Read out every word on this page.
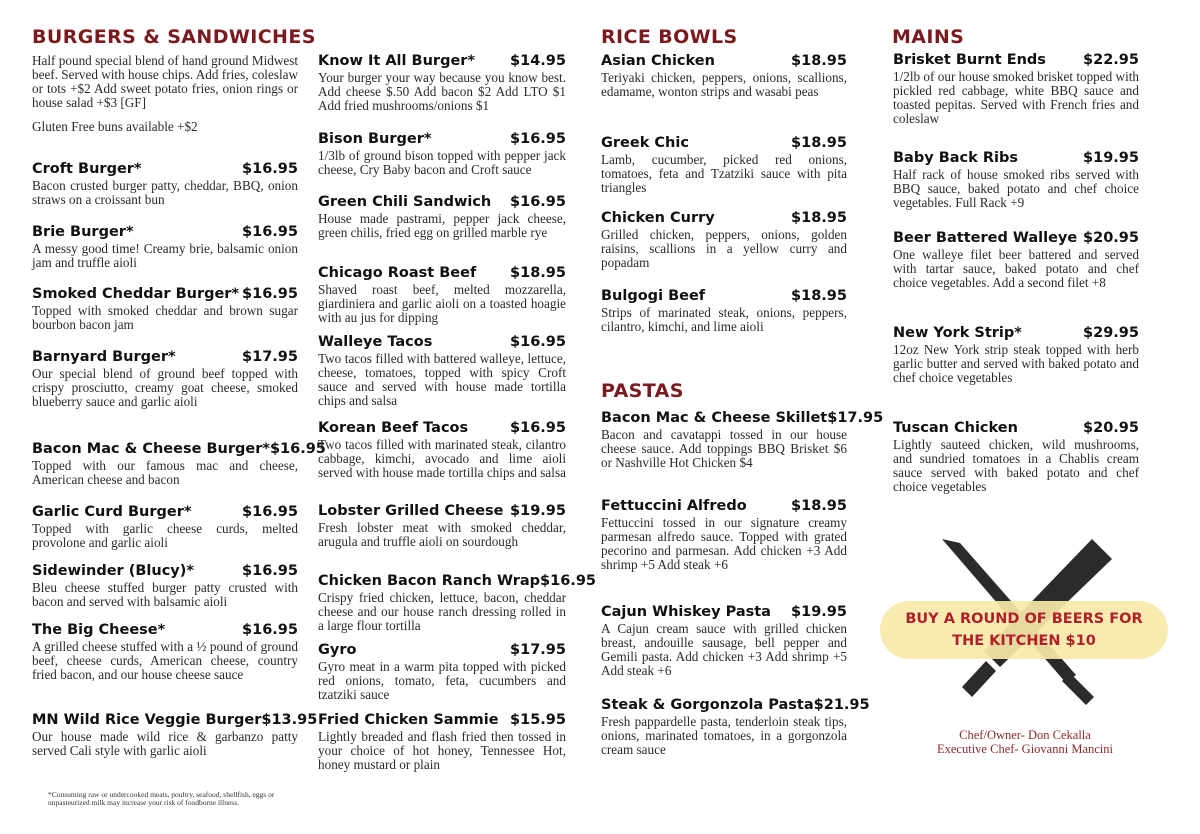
BURGERS & SANDWICHES
Half pound special blend of hand ground Midwest beef. Served with house chips. Add fries, coleslaw or tots +$2 Add sweet potato fries, onion rings or house salad +$3 [GF]
Gluten Free buns available +$2
Croft Burger*	$16.95
Bacon crusted burger patty, cheddar, BBQ, onion straws on a croissant bun
Brie Burger*	$16.95
A messy good time! Creamy brie, balsamic onion jam and truffle aioli
Smoked Cheddar Burger* $16.95
Topped with smoked cheddar and brown sugar bourbon bacon jam
Barnyard Burger*	$17.95
Our special blend of ground beef topped with crispy prosciutto, creamy goat cheese, smoked blueberry sauce and garlic aioli
Bacon Mac & Cheese Burger* $16.95
Topped with our famous mac and cheese, American cheese and bacon
Garlic Curd Burger*	$16.95
Topped with garlic cheese curds, melted provolone and garlic aioli
Sidewinder (Blucy)*	$16.95
Bleu cheese stuffed burger patty crusted with bacon and served with balsamic aioli
The Big Cheese*	$16.95
A grilled cheese stuffed with a ½ pound of ground beef, cheese curds, American cheese, country fried bacon, and our house cheese sauce
MN Wild Rice Veggie Burger $13.95
Our house made wild rice & garbanzo patty served Cali style with garlic aioli
*Consuming raw or undercooked meats, poultry, seafood, shellfish, eggs or unpasteurized milk may increase your risk of foodborne illness.
Know It All Burger* $14.95
Your burger your way because you know best. Add cheese $.50 Add bacon $2 Add LTO $1 Add fried mushrooms/onions $1
Bison Burger*	$16.95
1/3lb of ground bison topped with pepper jack cheese, Cry Baby bacon and Croft sauce
Green Chili Sandwich $16.95
House made pastrami, pepper jack cheese, green chilis, fried egg on grilled marble rye
Chicago Roast Beef $18.95
Shaved roast beef, melted mozzarella, giardiniera and garlic aioli on a toasted hoagie with au jus for dipping
Walleye Tacos	$16.95
Two tacos filled with battered walleye, lettuce, cheese, tomatoes, topped with spicy Croft sauce and served with house made tortilla chips and salsa
Korean Beef Tacos	$16.95
Two tacos filled with marinated steak, cilantro cabbage, kimchi, avocado and lime aioli served with house made tortilla chips and salsa
Lobster Grilled Cheese $19.95
Fresh lobster meat with smoked cheddar, arugula and truffle aioli on sourdough
Chicken Bacon Ranch Wrap $16.95
Crispy fried chicken, lettuce, bacon, cheddar cheese and our house ranch dressing rolled in a large flour tortilla
Gyro	$17.95
Gyro meat in a warm pita topped with picked red onions, tomato, feta, cucumbers and tzatziki sauce
Fried Chicken Sammie $15.95
Lightly breaded and flash fried then tossed in your choice of hot honey, Tennessee Hot, honey mustard or plain
RICE BOWLS
Asian Chicken	$18.95
Teriyaki chicken, peppers, onions, scallions, edamame, wonton strips and wasabi peas
Greek Chic	$18.95
Lamb, cucumber, picked red onions, tomatoes, feta and Tzatziki sauce with pita triangles
Chicken Curry	$18.95
Grilled chicken, peppers, onions, golden raisins, scallions in a yellow curry and popadam
Bulgogi Beef	$18.95
Strips of marinated steak, onions, peppers, cilantro, kimchi, and lime aioli
PASTAS
Bacon Mac & Cheese Skillet $17.95
Bacon and cavatappi tossed in our house cheese sauce. Add toppings BBQ Brisket $6 or Nashville Hot Chicken $4
Fettuccini Alfredo	$18.95
Fettuccini tossed in our signature creamy parmesan alfredo sauce. Topped with grated pecorino and parmesan. Add chicken +3 Add shrimp +5 Add steak +6
Cajun Whiskey Pasta $19.95
A Cajun cream sauce with grilled chicken breast, andouille sausage, bell pepper and Gemili pasta. Add chicken +3 Add shrimp +5 Add steak +6
Steak & Gorgonzola Pasta $21.95
Fresh pappardelle pasta, tenderloin steak tips, onions, marinated tomatoes, in a gorgonzola cream sauce
MAINS
Brisket Burnt Ends	$22.95
1/2lb of our house smoked brisket topped with pickled red cabbage, white BBQ sauce and toasted pepitas. Served with French fries and coleslaw
Baby Back Ribs	$19.95
Half rack of house smoked ribs served with BBQ sauce, baked potato and chef choice vegetables. Full Rack +9
Beer Battered Walleye $20.95
One walleye filet beer battered and served with tartar sauce, baked potato and chef choice vegetables. Add a second filet +8
New York Strip*	$29.95
12oz New York strip steak topped with herb garlic butter and served with baked potato and chef choice vegetables
Tuscan Chicken	$20.95
Lightly sauteed chicken, wild mushrooms, and sundried tomatoes in a Chablis cream sauce served with baked potato and chef choice vegetables
BUY A ROUND OF BEERS FOR
THE KITCHEN $10
Chef/Owner- Don Cekalla
Executive Chef- Giovanni Mancini
